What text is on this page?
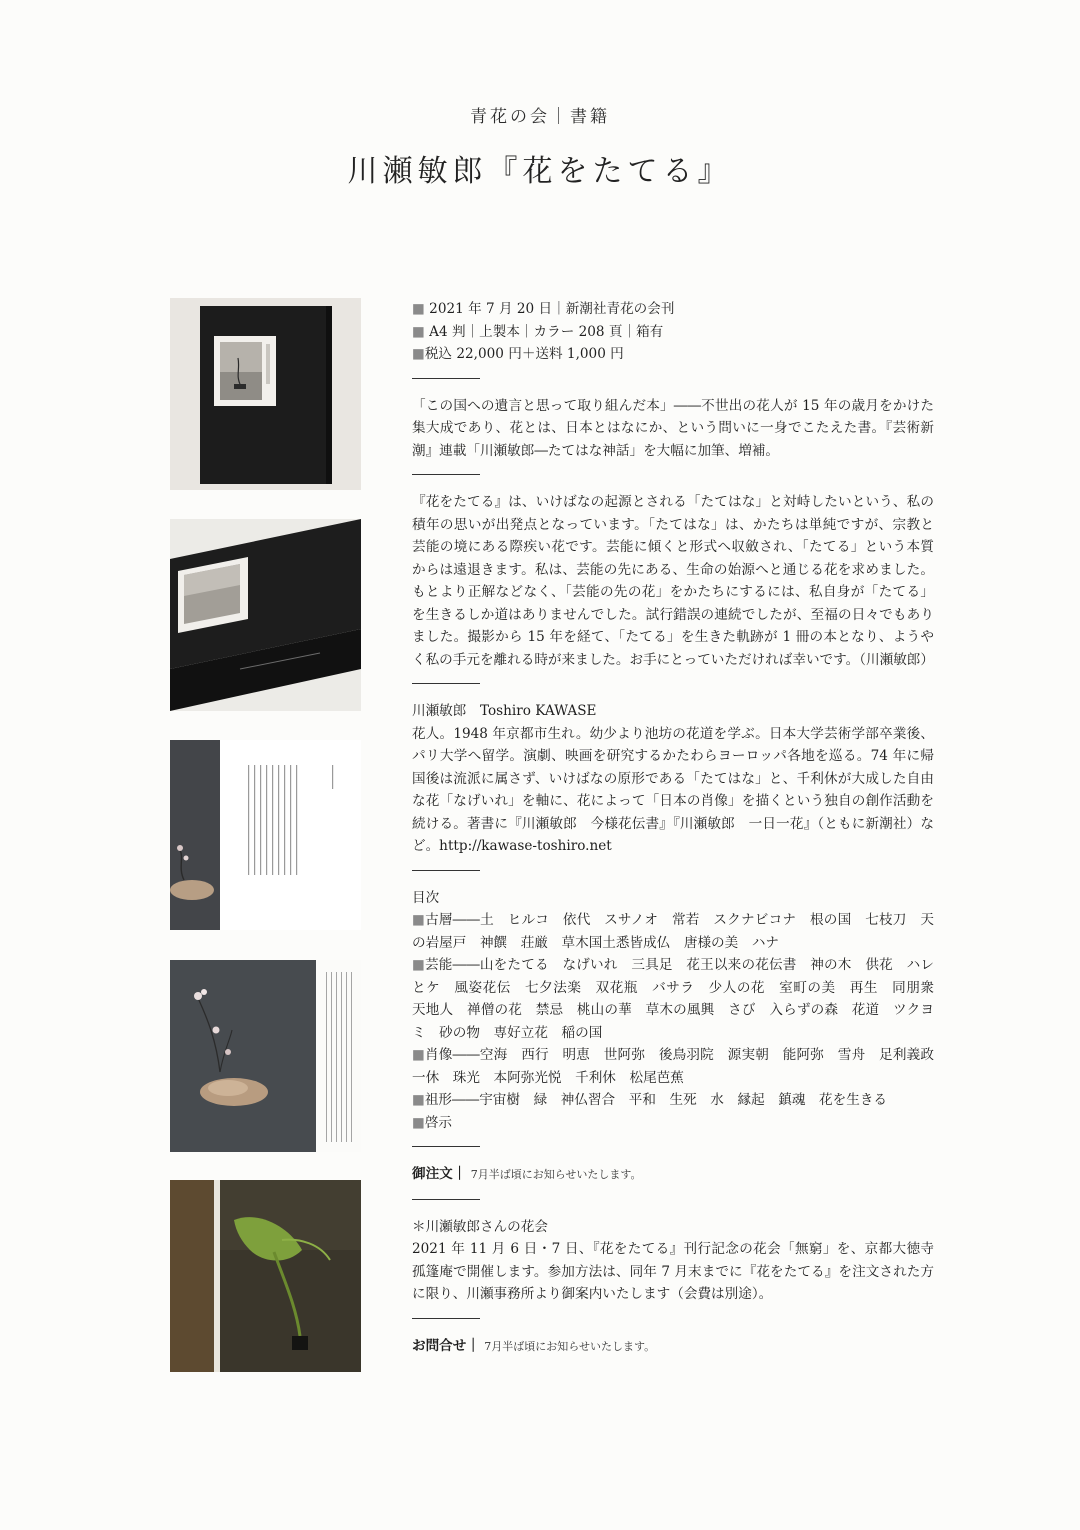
青花の会｜書籍
川瀬敏郎『花をたてる』
■ 2021 年 7 月 20 日｜新潮社青花の会刊
■ A4 判｜上製本｜カラー 208 頁｜箱有
■税込 22,000 円＋送料 1,000 円

「この国への遺言と思って取り組んだ本」――不世出の花人が 15 年の歳月をかけた集大成であり、花とは、日本とはなにか、という問いに一身でこたえた書。『芸術新潮』連載「川瀬敏郎―たてはな神話」を大幅に加筆、増補。

『花をたてる』は、いけばなの起源とされる「たてはな」と対峙したいという、私の積年の思いが出発点となっています。「たてはな」は、かたちは単純ですが、宗教と芸能の境にある際疾い花です。芸能に傾くと形式へ収斂され、「たてる」という本質からは遠退きます。私は、芸能の先にある、生命の始源へと通じる花を求めました。もとより正解などなく、「芸能の先の花」をかたちにするには、私自身が「たてる」を生きるしか道はありませんでした。試行錯誤の連続でしたが、至福の日々でもありました。撮影から 15 年を経て、「たてる」を生きた軌跡が 1 冊の本となり、ようやく私の手元を離れる時が来ました。お手にとっていただければ幸いです。（川瀬敏郎）

川瀬敏郎　Toshiro KAWASE

花人。1948 年京都市生れ。幼少より池坊の花道を学ぶ。日本大学芸術学部卒業後、パリ大学へ留学。演劇、映画を研究するかたわらヨーロッパ各地を巡る。74 年に帰国後は流派に属さず、いけばなの原形である「たてはな」と、千利休が大成した自由な花「なげいれ」を軸に、花によって「日本の肖像」を描くという独自の創作活動を続ける。著書に『川瀬敏郎　今様花伝書』『川瀬敏郎　一日一花』（ともに新潮社）など。http://kawase-toshiro.net

目次

■古層――土　ヒルコ　依代　スサノオ　常若　スクナビコナ　根の国　七枝刀　天の岩屋戸　神饌　荘厳　草木国土悉皆成仏　唐様の美　ハナ

■芸能――山をたてる　なげいれ　三具足　花王以来の花伝書　神の木　供花　ハレとケ　風姿花伝　七夕法楽　双花瓶　バサラ　少人の花　室町の美　再生　同朋衆　天地人　禅僧の花　禁忌　桃山の華　草木の風興　さび　入らずの森　花道　ツクヨミ　砂の物　専好立花　稲の国

■肖像――空海　西行　明恵　世阿弥　後鳥羽院　源実朝　能阿弥　雪舟　足利義政　一休　珠光　本阿弥光悦　千利休　松尾芭蕉

■祖形――宇宙樹　緑　神仏習合　平和　生死　水　縁起　鎮魂　花を生きる

■啓示

御注文｜ 7月半ば頃にお知らせいたします。
＊川瀬敏郎さんの花会

2021 年 11 月 6 日・7 日、『花をたてる』刊行記念の花会「無窮」を、京都大徳寺孤篷庵で開催します。参加方法は、同年 7 月末までに『花をたてる』を注文された方に限り、川瀬事務所より御案内いたします（会費は別途）。

お問合せ｜ 7月半ば頃にお知らせいたします。
